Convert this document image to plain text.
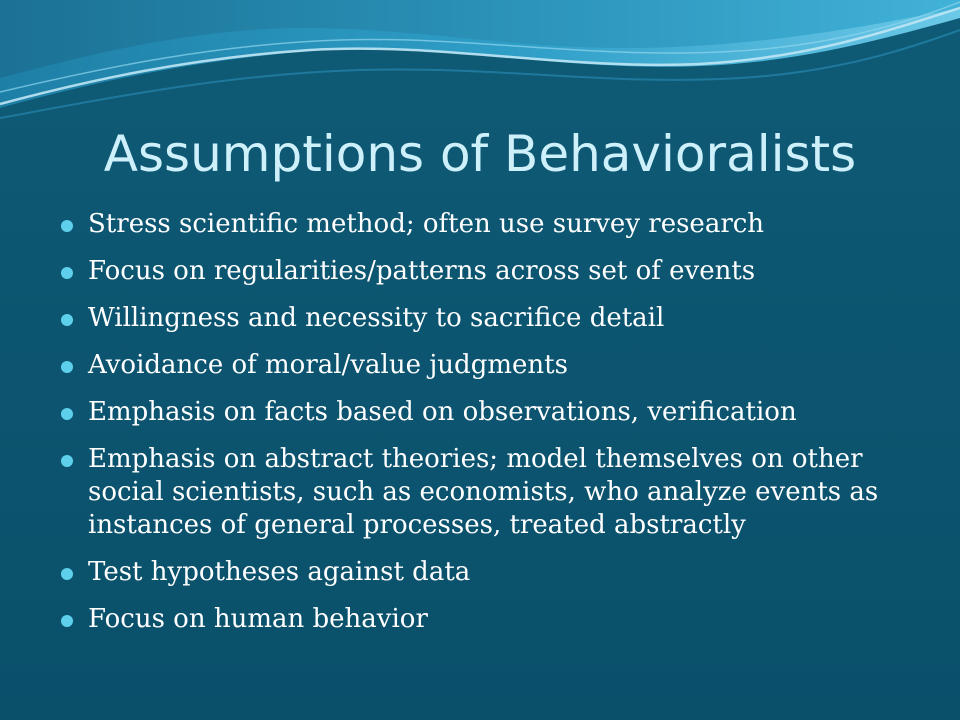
Assumptions of Behavioralists
Stress scientific method; often use survey research
Focus on regularities/patterns across set of events
Willingness and necessity to sacrifice detail
Avoidance of moral/value judgments
Emphasis on facts based on observations, verification
Emphasis on abstract theories; model themselves on other social scientists, such as economists, who analyze events as instances of general processes, treated abstractly
Test hypotheses against data
Focus on human behavior
